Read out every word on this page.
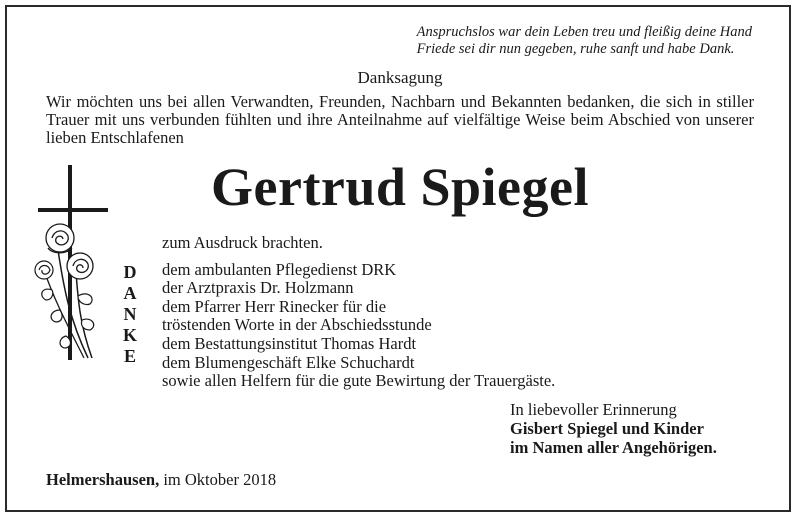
Anspruchslos war dein Leben treu und fleißig deine Hand
Friede sei dir nun gegeben, ruhe sanft und habe Dank.
Danksagung
Wir möchten uns bei allen Verwandten, Freunden, Nachbarn und Bekannten bedanken, die sich in stiller Trauer mit uns verbunden fühlten und ihre Anteilnahme auf vielfältige Weise beim Abschied von unserer lieben Entschlafenen
Gertrud Spiegel
D
A
N
K
E
zum Ausdruck brachten.
dem ambulanten Pflegedienst DRK
der Arztpraxis Dr. Holzmann
dem Pfarrer Herr Rinecker für die
tröstenden Worte in der Abschiedsstunde
dem Bestattungsinstitut Thomas Hardt
dem Blumengeschäft Elke Schuchardt
sowie allen Helfern für die gute Bewirtung der Trauergäste.
In liebevoller Erinnerung
Gisbert Spiegel und Kinder
im Namen aller Angehörigen.
Helmershausen, im Oktober 2018
